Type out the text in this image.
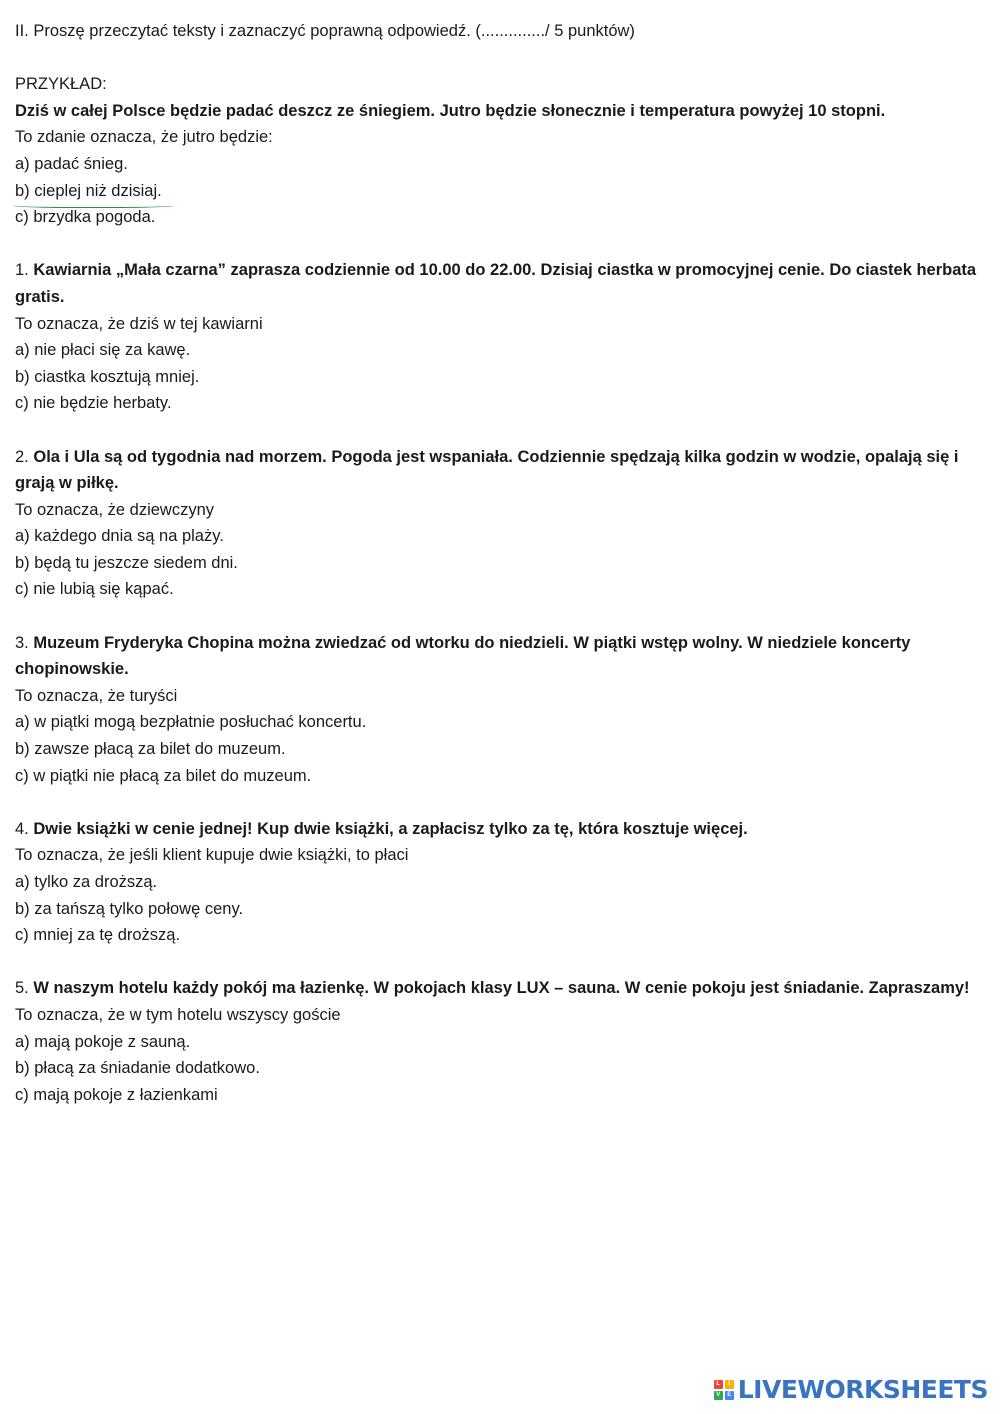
II. Proszę przeczytać teksty i zaznaczyć poprawną odpowiedź. (............../ 5 punktów)
PRZYKŁAD:
Dziś w całej Polsce będzie padać deszcz ze śniegiem. Jutro będzie słonecznie i temperatura powyżej 10 stopni.
To zdanie oznacza, że jutro będzie:
a) padać śnieg.
b) cieplej niż dzisiaj.
c) brzydka pogoda.
1. Kawiarnia „Mała czarna” zaprasza codziennie od 10.00 do 22.00. Dzisiaj ciastka w promocyjnej cenie. Do ciastek herbata gratis.
To oznacza, że dziś w tej kawiarni
a) nie płaci się za kawę.
b) ciastka kosztują mniej.
c) nie będzie herbaty.
2. Ola i Ula są od tygodnia nad morzem. Pogoda jest wspaniała. Codziennie spędzają kilka godzin w wodzie, opalają się i grają w piłkę.
To oznacza, że dziewczyny
a) każdego dnia są na plaży.
b) będą tu jeszcze siedem dni.
c) nie lubią się kąpać.
3. Muzeum Fryderyka Chopina można zwiedzać od wtorku do niedzieli. W piątki wstęp wolny. W niedziele koncerty chopinowskie.
To oznacza, że turyści
a) w piątki mogą bezpłatnie posłuchać koncertu.
b) zawsze płacą za bilet do muzeum.
c) w piątki nie płacą za bilet do muzeum.
4. Dwie książki w cenie jednej! Kup dwie książki, a zapłacisz tylko za tę, która kosztuje więcej.
To oznacza, że jeśli klient kupuje dwie książki, to płaci
a) tylko za droższą.
b) za tańszą tylko połowę ceny.
c) mniej za tę droższą.
5. W naszym hotelu każdy pokój ma łazienkę. W pokojach klasy LUX – sauna. W cenie pokoju jest śniadanie. Zapraszamy!
To oznacza, że w tym hotelu wszyscy goście
a) mają pokoje z sauną.
b) płacą za śniadanie dodatkowo.
c) mają pokoje z łazienkami
L	I
V	E LIVEWORKSHEETS
